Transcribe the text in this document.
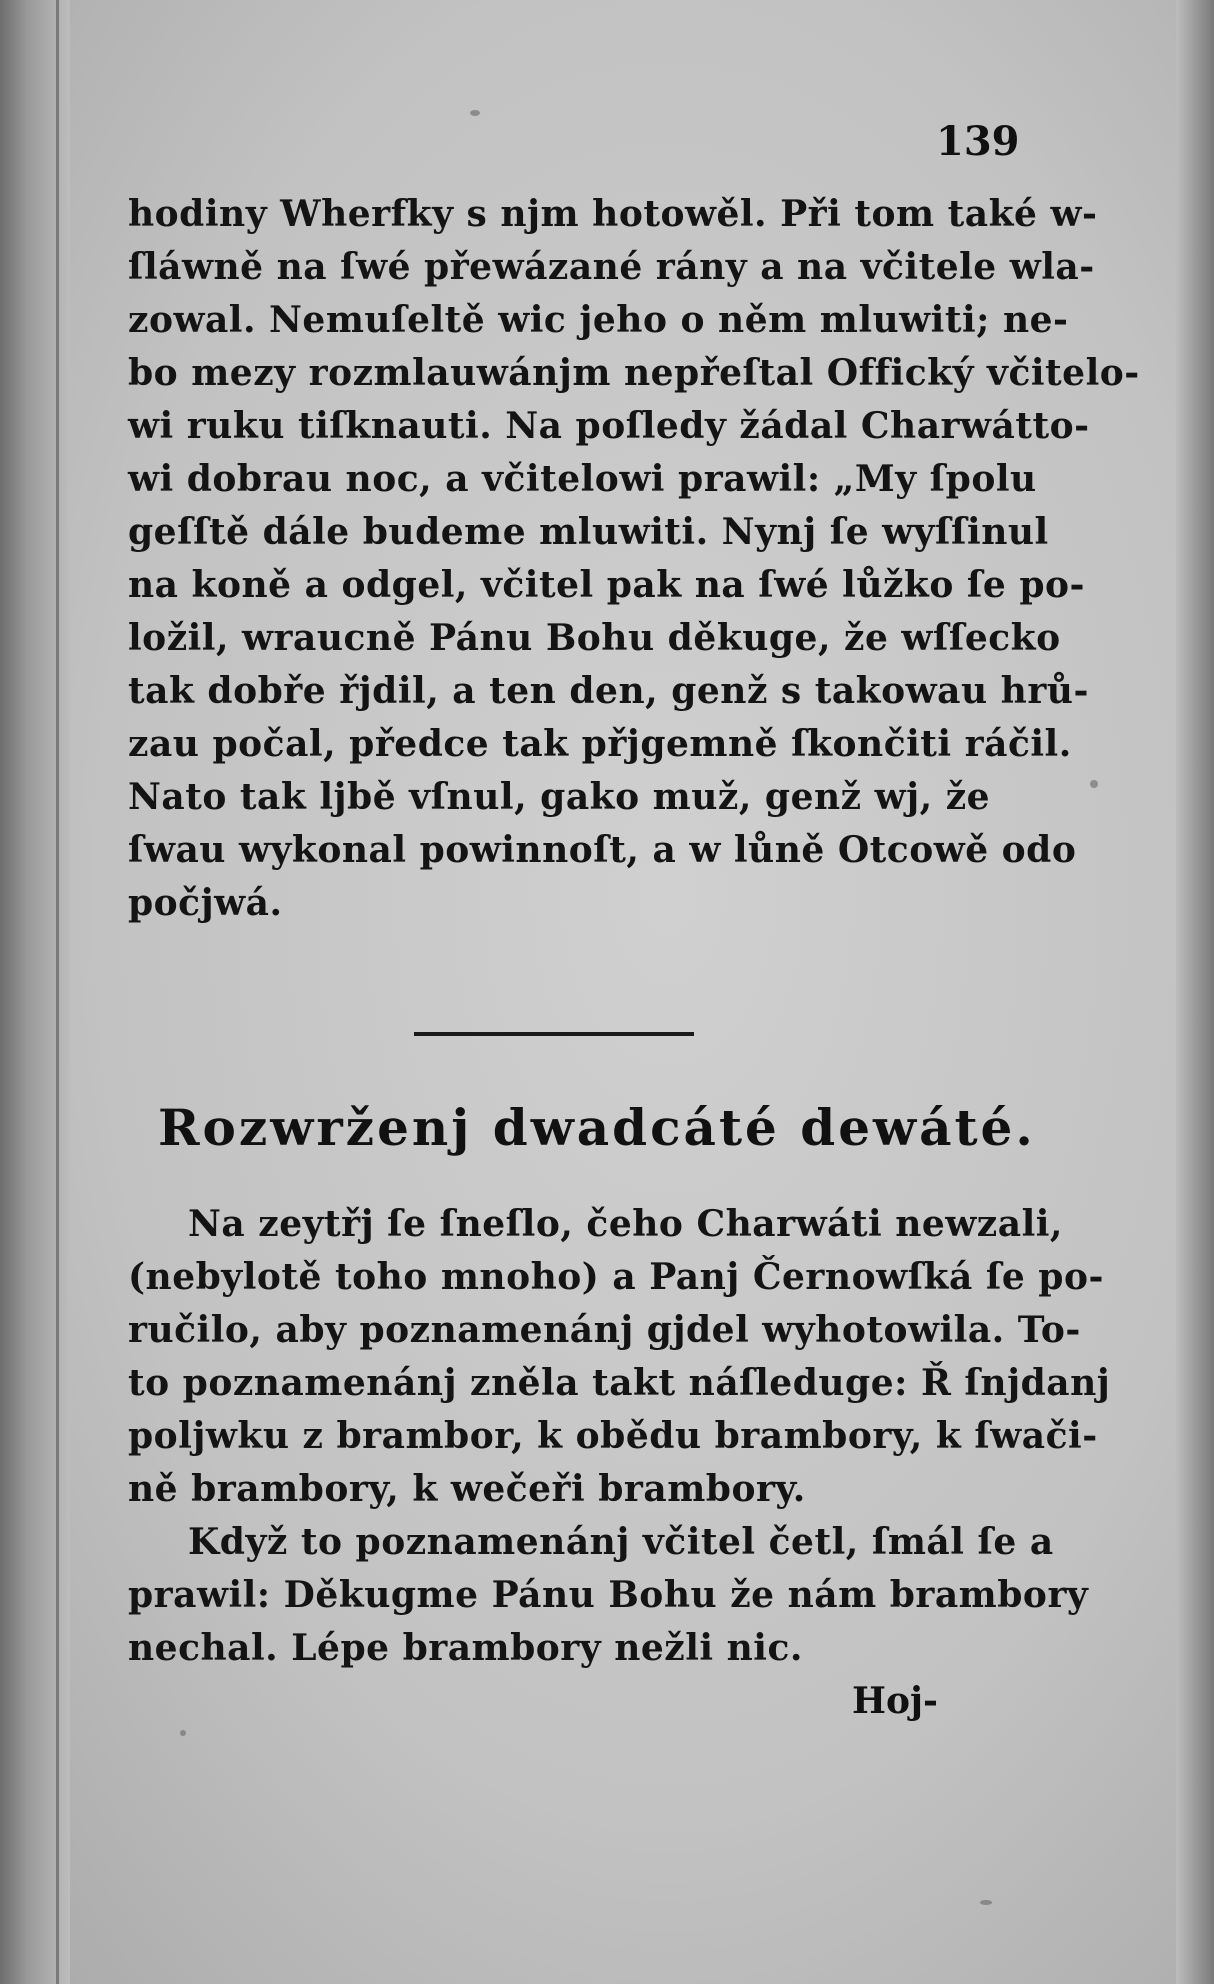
139
hodiny Wherfky s njm hotowěl. Při tom také w-
ſláwně na ſwé přewázané rány a na včitele wla-
zowal. Nemuſeltě wic jeho o něm mluwiti; ne-
bo mezy rozmlauwánjm nepřeſtal Offický včitelo-
wi ruku tiſknauti. Na poſledy žádal Charwátto-
wi dobrau noc, a včitelowi prawil: „My ſpolu
geſſtě dále budeme mluwiti. Nynj ſe wyſſinul
na koně a odgel, včitel pak na ſwé lůžko ſe po-
ložil, wraucně Pánu Bohu děkuge, že wſſecko
tak dobře řjdil, a ten den, genž s takowau hrů-
zau počal, předce tak přjgemně ſkončiti ráčil.
Nato tak ljbě vſnul, gako muž, genž wj, že
ſwau wykonal powinnoſt, a w lůně Otcowě odo
počjwá.
Rozwrženj dwadcáté dewáté.
Na zeytřj ſe ſneſlo, čeho Charwáti newzali,
(nebylotě toho mnoho) a Panj Černowſká ſe po-
ručilo, aby poznamenánj gjdel wyhotowila. To-
to poznamenánj zněla takt náſleduge: Ř ſnjdanj
poljwku z brambor, k obědu brambory, k ſwači-
ně brambory, k wečeři brambory.
Když to poznamenánj včitel četl, ſmál ſe a
prawil: Děkugme Pánu Bohu že nám brambory
nechal. Lépe brambory nežli nic.
Hoj-
